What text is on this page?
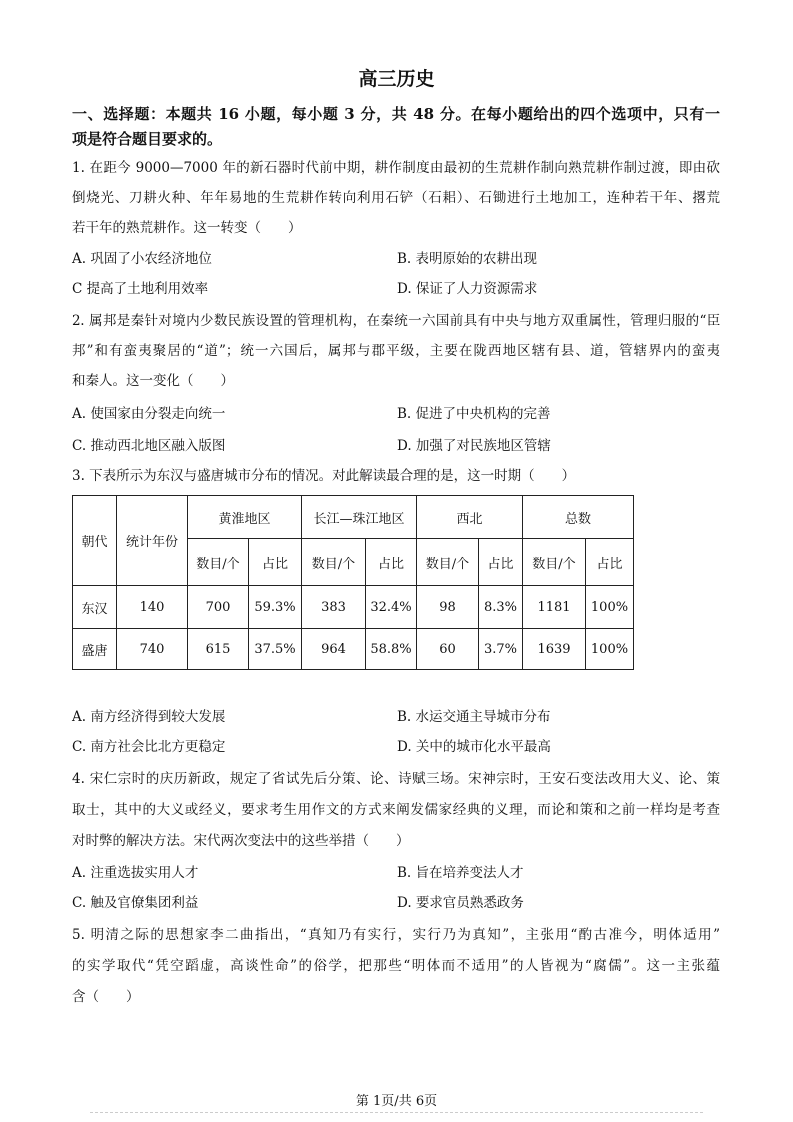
高三历史
一、选择题：本题共 16 小题，每小题 3 分，共 48 分。在每小题给出的四个选项中，只有一
项是符合题目要求的。
1. 在距今 9000—7000 年的新石器时代前中期，耕作制度由最初的生荒耕作制向熟荒耕作制过渡，即由砍
倒烧光、刀耕火种、年年易地的生荒耕作转向利用石铲（石耜）、石锄进行土地加工，连种若干年、撂荒
若干年的熟荒耕作。这一转变（　　）
A. 巩固了小农经济地位	B. 表明原始的农耕出现
C 提高了土地利用效率	D. 保证了人力资源需求
2. 属邦是秦针对境内少数民族设置的管理机构，在秦统一六国前具有中央与地方双重属性，管理归服的“臣
邦”和有蛮夷聚居的“道”；统一六国后，属邦与郡平级，主要在陇西地区辖有县、道，管辖界内的蛮夷
和秦人。这一变化（　　）
A. 使国家由分裂走向统一	B. 促进了中央机构的完善
C. 推动西北地区融入版图	D. 加强了对民族地区管辖
3. 下表所示为东汉与盛唐城市分布的情况。对此解读最合理的是，这一时期（　　）
朝代	统计年份	黄淮地区		长江—珠江地区		西北		总数	
		数目/个	占比	数目/个	占比	数目/个	占比	数目/个	占比
东汉	140	700	59.3%	383	32.4%	98	8.3%	1181	100%
盛唐	740	615	37.5%	964	58.8%	60	3.7%	1639	100%
A. 南方经济得到较大发展	B. 水运交通主导城市分布
C. 南方社会比北方更稳定	D. 关中的城市化水平最高
4. 宋仁宗时的庆历新政，规定了省试先后分策、论、诗赋三场。宋神宗时，王安石变法改用大义、论、策
取士，其中的大义或经义，要求考生用作文的方式来阐发儒家经典的义理，而论和策和之前一样均是考查
对时弊的解决方法。宋代两次变法中的这些举措（　　）
A. 注重选拔实用人才	B. 旨在培养变法人才
C. 触及官僚集团利益	D. 要求官员熟悉政务
5. 明清之际的思想家李二曲指出，“真知乃有实行，实行乃为真知”，主张用“酌古准今，明体适用”
的实学取代“凭空蹈虚，高谈性命”的俗学，把那些“明体而不适用”的人皆视为“腐儒”。这一主张蕴
含（　　）
第 1页/共 6页
